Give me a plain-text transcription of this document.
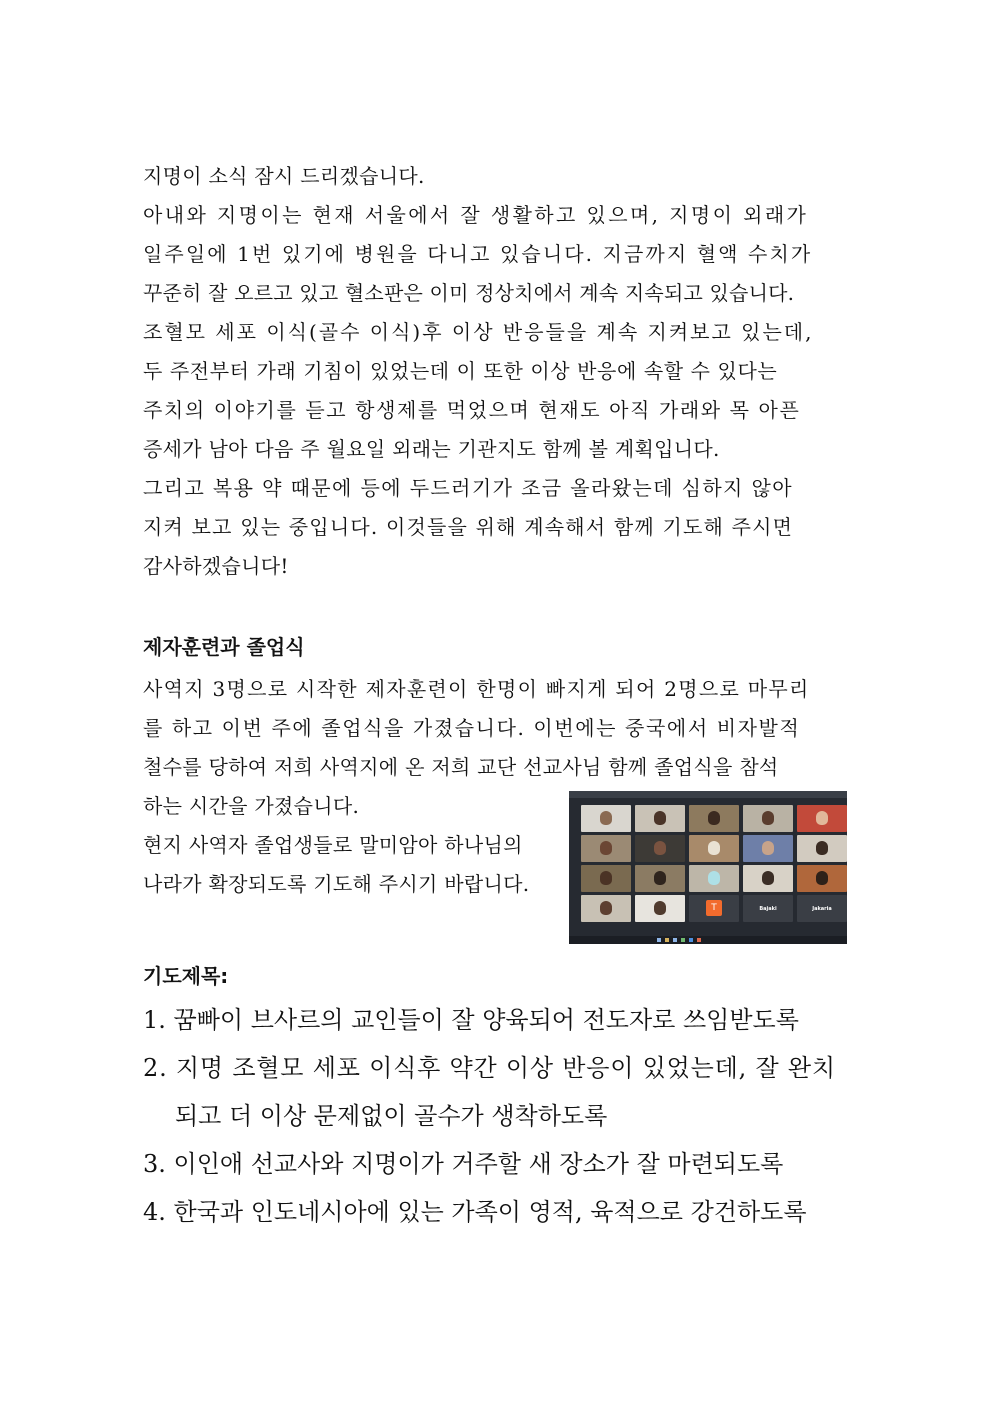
지명이 소식 잠시 드리겠습니다.
아내와 지명이는 현재 서울에서 잘 생활하고 있으며, 지명이 외래가
일주일에 1번 있기에 병원을 다니고 있습니다. 지금까지 혈액 수치가
꾸준히 잘 오르고 있고 혈소판은 이미 정상치에서 계속 지속되고 있습니다.
조혈모 세포 이식(골수 이식)후 이상 반응들을 계속 지켜보고 있는데,
두 주전부터 가래 기침이 있었는데 이 또한 이상 반응에 속할 수 있다는
주치의 이야기를 듣고 항생제를 먹었으며 현재도 아직 가래와 목 아픈
증세가 남아 다음 주 월요일 외래는 기관지도 함께 볼 계획입니다.
그리고 복용 약 때문에 등에 두드러기가 조금 올라왔는데 심하지 않아
지켜 보고 있는 중입니다. 이것들을 위해 계속해서 함께 기도해 주시면
감사하겠습니다!
제자훈련과 졸업식
사역지 3명으로 시작한 제자훈련이 한명이 빠지게 되어 2명으로 마무리
를 하고 이번 주에 졸업식을 가졌습니다. 이번에는 중국에서 비자발적
철수를 당하여 저희 사역지에 온 저희 교단 선교사님 함께 졸업식을 참석
하는 시간을 가졌습니다.
현지 사역자 졸업생들로 말미암아 하나님의
나라가 확장되도록 기도해 주시기 바랍니다.
T	Bajaki	Jakaria
기도제목:
1. 꿈빠이 브사르의 교인들이 잘 양육되어 전도자로 쓰임받도록
2. 지명 조혈모 세포 이식후 약간 이상 반응이 있었는데, 잘 완치
되고 더 이상 문제없이 골수가 생착하도록
3. 이인애 선교사와 지명이가 거주할 새 장소가 잘 마련되도록
4. 한국과 인도네시아에 있는 가족이 영적, 육적으로 강건하도록
